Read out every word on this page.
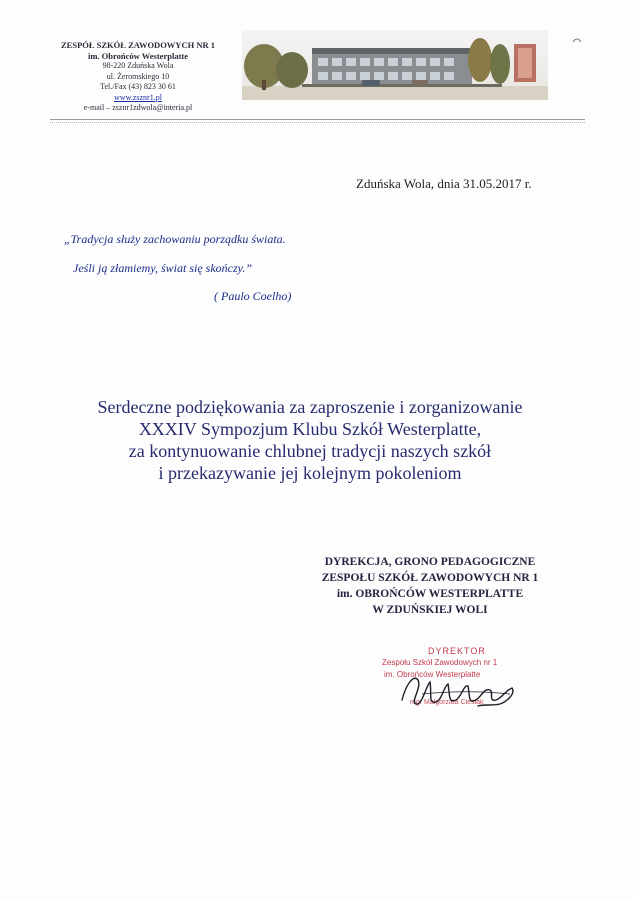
ZESPÓŁ SZKÓŁ ZAWODOWYCH NR 1
im. Obrońców Westerplatte
98-220 Zduńska Wola
ul. Żeromskiego 10
Tel./Fax (43) 823 30 61
www.zsznr1.pl
e-mail – zsznr1zdwola@interia.pl
Zduńska Wola, dnia 31.05.2017 r.
„Tradycja służy zachowaniu porządku świata.
Jeśli ją złamiemy, świat się skończy.”
( Paulo Coelho)
Serdeczne podziękowania za zaproszenie i zorganizowanie
XXXIV Sympozjum Klubu Szkół Westerplatte,
za kontynuowanie chlubnej tradycji naszych szkół
i przekazywanie jej kolejnym pokoleniom
DYREKCJA, GRONO PEDAGOGICZNE
ZESPOŁU SZKÓŁ ZAWODOWYCH NR 1
im. OBROŃCÓW WESTERPLATTE
W ZDUŃSKIEJ WOLI
DYREKTOR
Zespołu Szkół Zawodowych nr 1
im. Obrońców Westerplatte
mgr Małgorzata Cieślak
